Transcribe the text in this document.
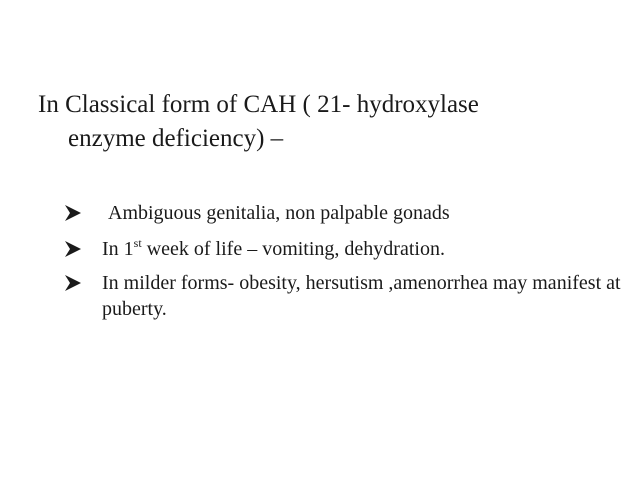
In Classical form of CAH ( 21- hydroxylase
enzyme deficiency) –
Ambiguous genitalia, non palpable gonads
In 1st week of life – vomiting, dehydration.
In milder forms- obesity, hersutism ,amenorrhea may manifest at puberty.
